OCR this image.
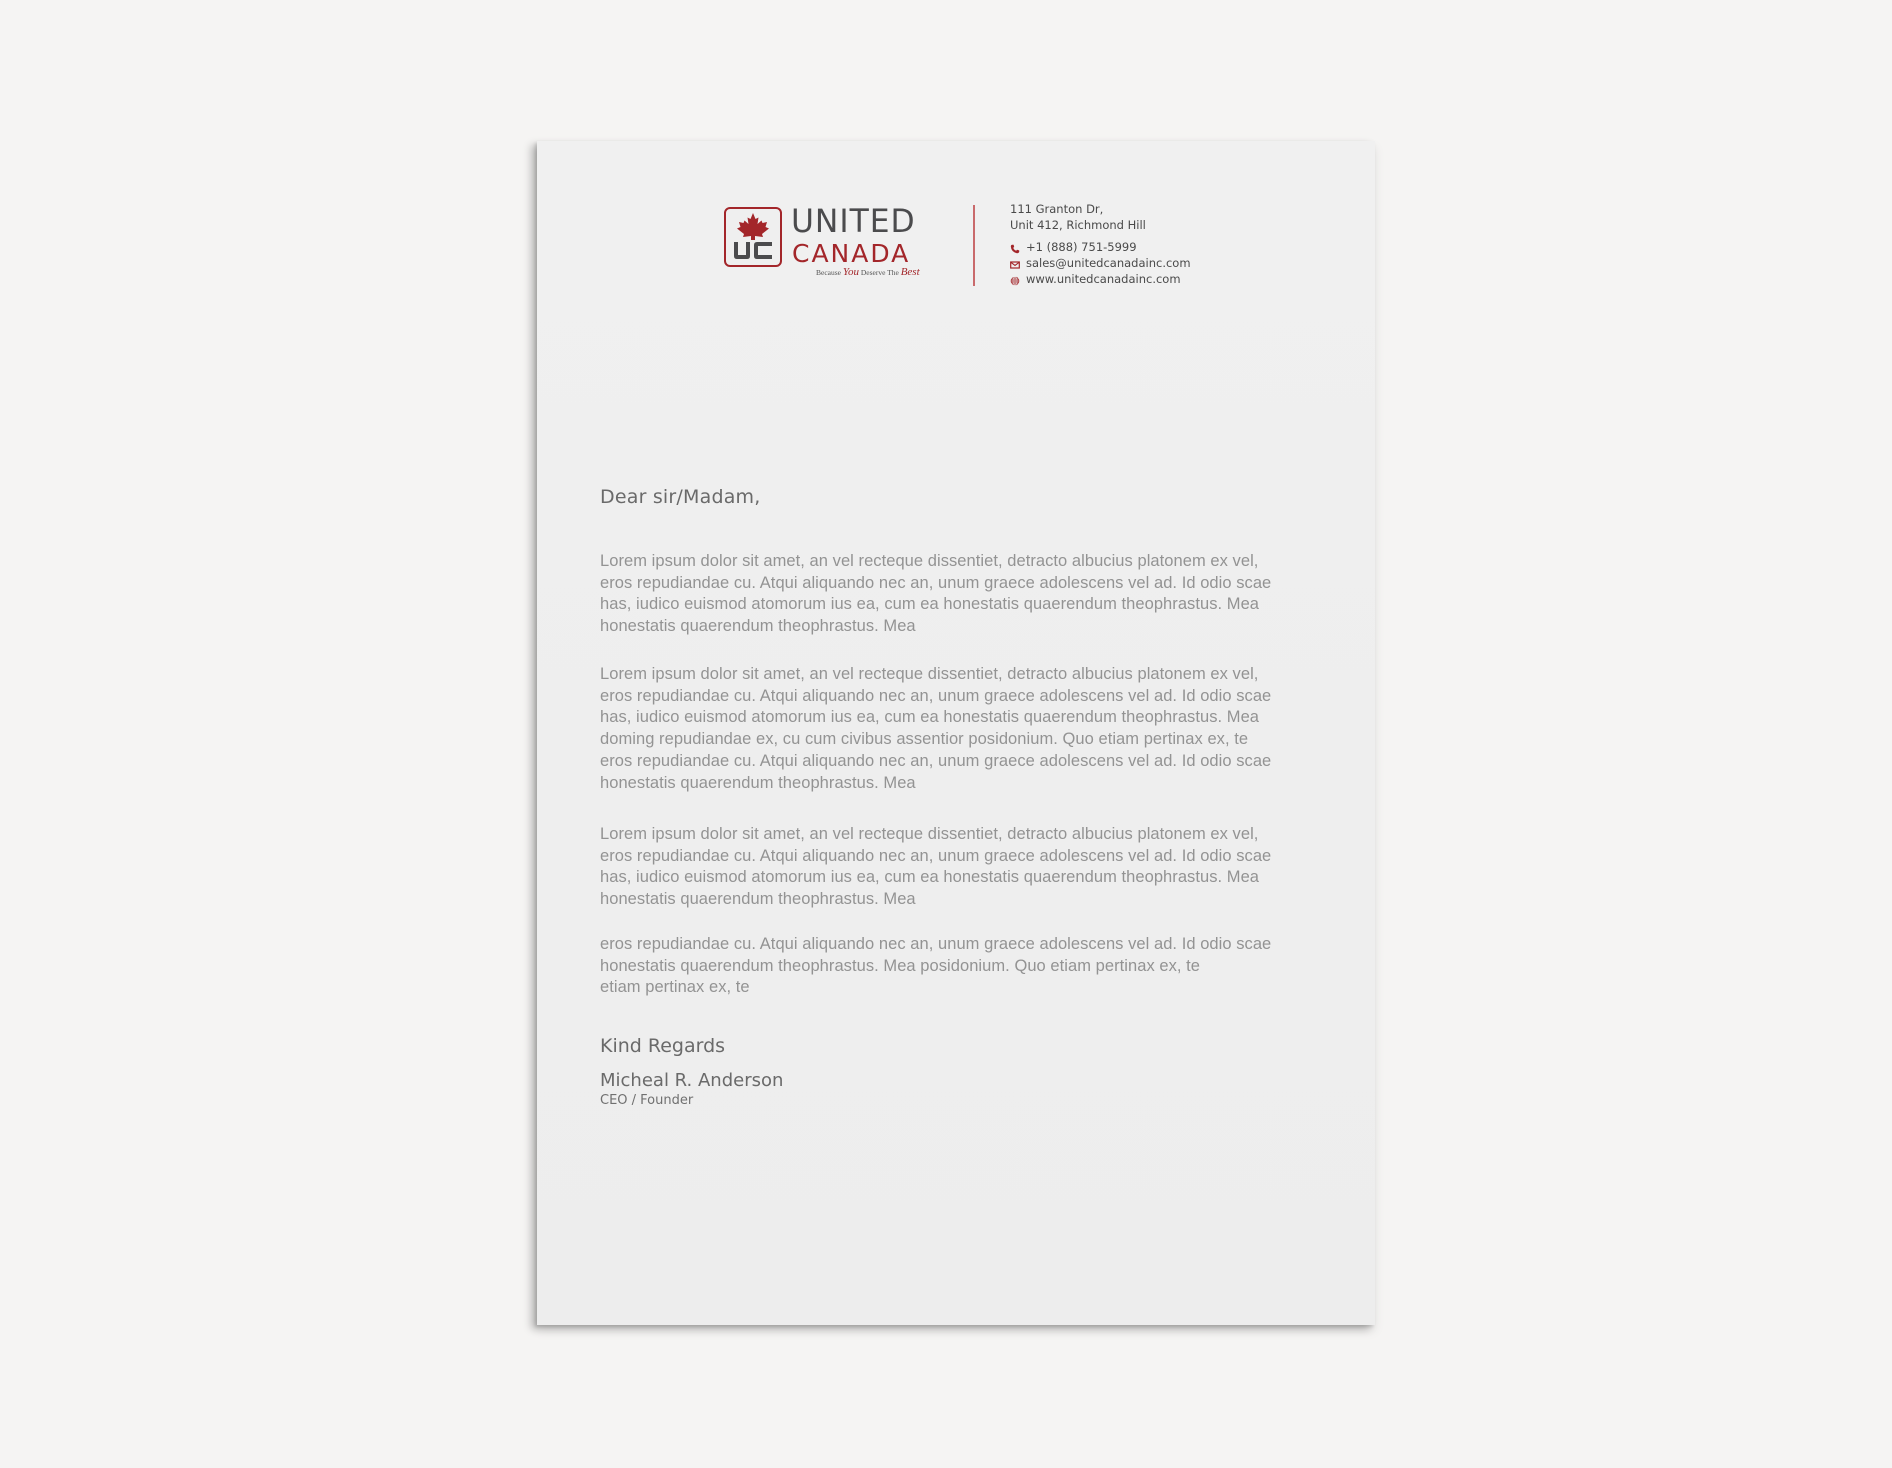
UNITED
CANADA
Because You Deserve The Best
111 Granton Dr,
Unit 412, Richmond Hill
+1 (888) 751-5999
sales@unitedcanadainc.com
www.unitedcanadainc.com
Dear sir/Madam,
Lorem ipsum dolor sit amet, an vel recteque dissentiet, detracto albucius platonem ex vel,
eros repudiandae cu. Atqui aliquando nec an, unum graece adolescens vel ad. Id odio scae
has, iudico euismod atomorum ius ea, cum ea honestatis quaerendum theophrastus. Mea
honestatis quaerendum theophrastus. Mea
Lorem ipsum dolor sit amet, an vel recteque dissentiet, detracto albucius platonem ex vel,
eros repudiandae cu. Atqui aliquando nec an, unum graece adolescens vel ad. Id odio scae
has, iudico euismod atomorum ius ea, cum ea honestatis quaerendum theophrastus. Mea
doming repudiandae ex, cu cum civibus assentior posidonium. Quo etiam pertinax ex, te
eros repudiandae cu. Atqui aliquando nec an, unum graece adolescens vel ad. Id odio scae
honestatis quaerendum theophrastus. Mea
Lorem ipsum dolor sit amet, an vel recteque dissentiet, detracto albucius platonem ex vel,
eros repudiandae cu. Atqui aliquando nec an, unum graece adolescens vel ad. Id odio scae
has, iudico euismod atomorum ius ea, cum ea honestatis quaerendum theophrastus. Mea
honestatis quaerendum theophrastus. Mea
eros repudiandae cu. Atqui aliquando nec an, unum graece adolescens vel ad. Id odio scae
honestatis quaerendum theophrastus. Mea posidonium. Quo etiam pertinax ex, te
etiam pertinax ex, te
Kind Regards
Micheal R. Anderson
CEO / Founder
